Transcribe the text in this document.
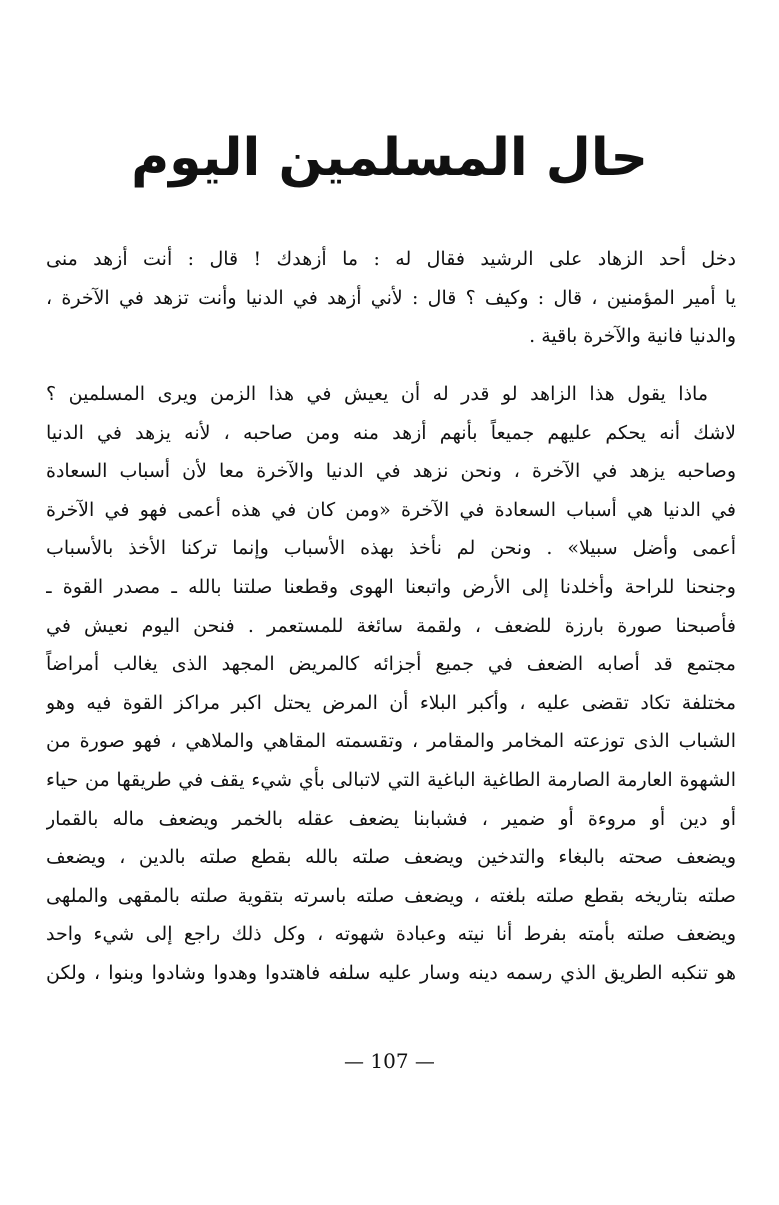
حال المسلمين اليوم
دخل أحد الزهاد على الرشيد فقال له : ما أزهدك ! قال : أنت أزهد منى
يا أمير المؤمنين ، قال : وكيف ؟ قال : لأني أزهد في الدنيا وأنت تزهد في الآخرة ،
والدنيا فانية والآخرة باقية .
ماذا يقول هذا الزاهد لو قدر له أن يعيش في هذا الزمن ويرى المسلمين ؟
لاشك أنه يحكم عليهم جميعاً بأنهم أزهد منه ومن صاحبه ، لأنه يزهد في الدنيا
وصاحبه يزهد في الآخرة ، ونحن نزهد في الدنيا والآخرة معا لأن أسباب السعادة
في الدنيا هي أسباب السعادة في الآخرة «ومن كان في هذه أعمى فهو في الآخرة
أعمى وأضل سبيلا» . ونحن لم نأخذ بهذه الأسباب وإنما تركنا الأخذ بالأسباب
وجنحنا للراحة وأخلدنا إلى الأرض واتبعنا الهوى وقطعنا صلتنا بالله ـ مصدر القوة ـ
فأصبحنا صورة بارزة للضعف ، ولقمة سائغة للمستعمر . فنحن اليوم نعيش في
مجتمع قد أصابه الضعف في جميع أجزائه كالمريض المجهد الذى يغالب أمراضاً
مختلفة تكاد تقضى عليه ، وأكبر البلاء أن المرض يحتل اكبر مراكز القوة فيه وهو
الشباب الذى توزعته المخامر والمقامر ، وتقسمته المقاهي والملاهي ، فهو صورة من
الشهوة العارمة الصارمة الطاغية الباغية التي لاتبالى بأي شيء يقف في طريقها من حياء
أو دين أو مروءة أو ضمير ، فشبابنا يضعف عقله بالخمر ويضعف ماله بالقمار
ويضعف صحته بالبغاء والتدخين ويضعف صلته بالله بقطع صلته بالدين ، ويضعف
صلته بتاريخه بقطع صلته بلغته ، ويضعف صلته باسرته بتقوية صلته بالمقهى والملهى
ويضعف صلته بأمته بفرط أنا نيته وعبادة شهوته ، وكل ذلك راجع إلى شيء واحد
هو تنكبه الطريق الذي رسمه دينه وسار عليه سلفه فاهتدوا وهدوا وشادوا وبنوا ، ولكن
— 107 —
